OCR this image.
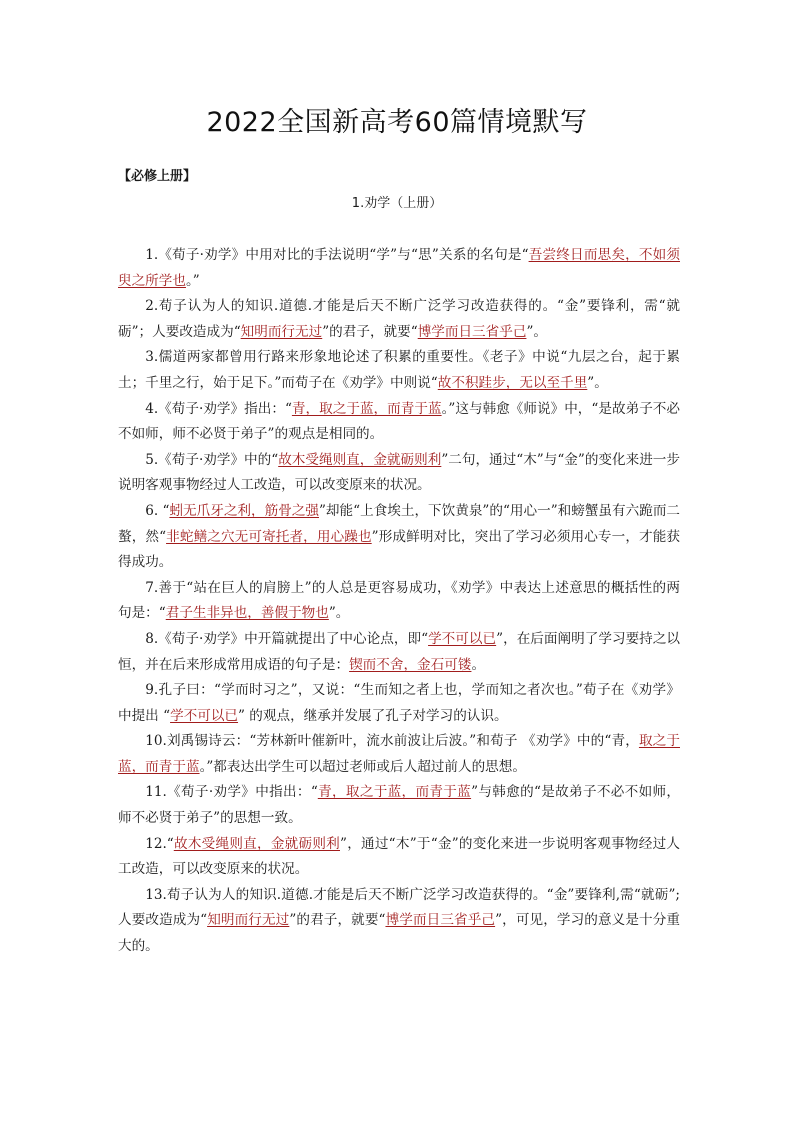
2022全国新高考60篇情境默写
【必修上册】
1.劝学（上册）

1.《荀子·劝学》中用对比的手法说明“学”与“思”关系的名句是“吾尝终日而思矣，不如须臾之所学也。”

2.荀子认为人的知识.道德.才能是后天不断广泛学习改造获得的。“金”要锋利，需“就砺”；人要改造成为“知明而行无过”的君子，就要“博学而日三省乎己”。

3.儒道两家都曾用行路来形象地论述了积累的重要性。《老子》中说“九层之台，起于累土；千里之行，始于足下。”而荀子在《劝学》中则说“故不积跬步，无以至千里”。

4.《荀子·劝学》指出：“青，取之于蓝，而青于蓝。”这与韩愈《师说》中，“是故弟子不必不如师，师不必贤于弟子”的观点是相同的。

5.《荀子·劝学》中的“故木受绳则直，金就砺则利”二句，通过“木”与“金”的变化来进一步说明客观事物经过人工改造，可以改变原来的状况。

6. “蚓无爪牙之利，筋骨之强”却能“上食埃土，下饮黄泉”的“用心一”和螃蟹虽有六跪而二螯，然“非蛇鳝之穴无可寄托者，用心躁也”形成鲜明对比，突出了学习必须用心专一，才能获得成功。

7.善于“站在巨人的肩膀上”的人总是更容易成功，《劝学》中表达上述意思的概括性的两句是：“君子生非异也，善假于物也”。

8.《荀子·劝学》中开篇就提出了中心论点，即“学不可以已”，在后面阐明了学习要持之以恒，并在后来形成常用成语的句子是：锲而不舍，金石可镂。

9.孔子曰：“学而时习之”，又说：“生而知之者上也，学而知之者次也。”荀子在《劝学》中提出 “学不可以已” 的观点，继承并发展了孔子对学习的认识。

10.刘禹锡诗云：“芳林新叶催新叶，流水前波让后波。”和荀子 《劝学》中的“青，取之于蓝，而青于蓝。”都表达出学生可以超过老师或后人超过前人的思想。

11.《荀子·劝学》中指出：“青，取之于蓝，而青于蓝”与韩愈的“是故弟子不必不如师，师不必贤于弟子”的思想一致。

12.“故木受绳则直，金就砺则利”，通过“木”于“金”的变化来进一步说明客观事物经过人工改造，可以改变原来的状况。

13.荀子认为人的知识.道德.才能是后天不断广泛学习改造获得的。“金”要锋利,需“就砺”;人要改造成为“知明而行无过”的君子，就要“博学而日三省乎己”，可见，学习的意义是十分重大的。
